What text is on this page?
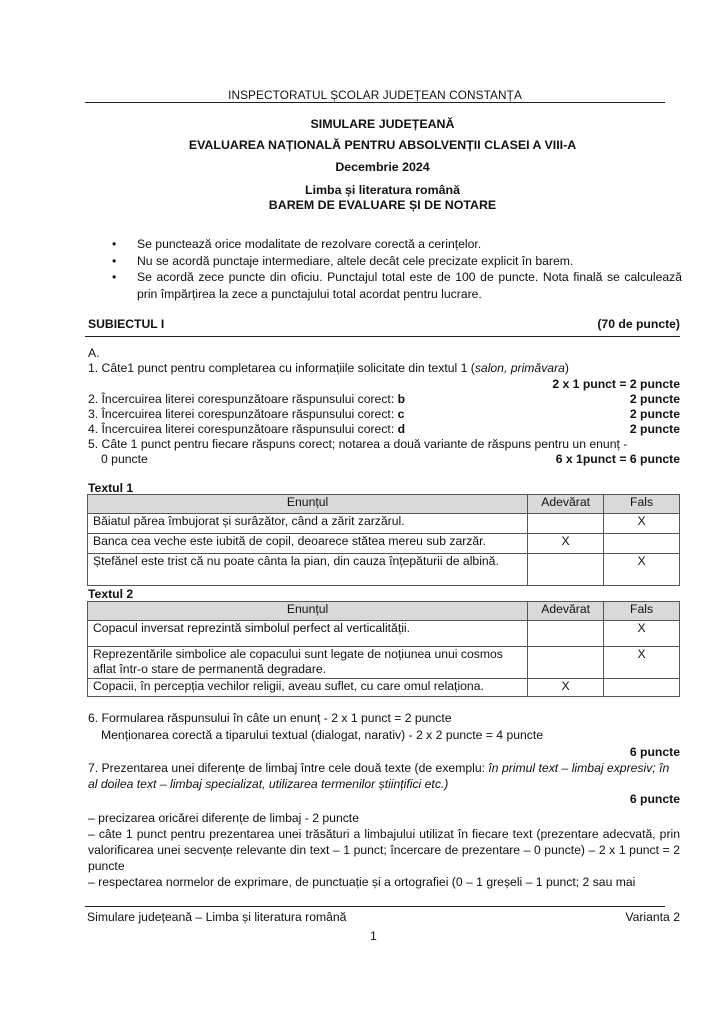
INSPECTORATUL ȘCOLAR JUDEȚEAN CONSTANȚA
SIMULARE JUDEȚEANĂ
EVALUAREA NAȚIONALĂ PENTRU ABSOLVENȚII CLASEI A VIII-A
Decembrie 2024
Limba și literatura română
BAREM DE EVALUARE ȘI DE NOTARE
• Se punctează orice modalitate de rezolvare corectă a cerințelor.
• Nu se acordă punctaje intermediare, altele decât cele precizate explicit în barem.
• Se acordă zece puncte din oficiu. Punctajul total este de 100 de puncte. Nota finală se calculează prin împărțirea la zece a punctajului total acordat pentru lucrare.
SUBIECTUL I	(70 de puncte)
A.
1. Câte1 punct pentru completarea cu informațiile solicitate din textul 1 (salon, primăvara)
2 x 1 punct = 2 puncte
2. Încercuirea literei corespunzătoare răspunsului corect: b	2 puncte
3. Încercuirea literei corespunzătoare răspunsului corect: c	2 puncte
4. Încercuirea literei corespunzătoare răspunsului corect: d	2 puncte
5. Câte 1 punct pentru fiecare răspuns corect; notarea a două variante de răspuns pentru un enunț -
0 puncte	6 x 1punct = 6 puncte
Textul 1
Enunțul	Adevărat	Fals
Băiatul părea îmbujorat și surâzător, când a zărit zarzărul.		X
Banca cea veche este iubită de copil, deoarece stătea mereu sub zarzăr.	X	
Ștefănel este trist că nu poate cânta la pian, din cauza înțepăturii de albină.		X
Textul 2
Enunțul	Adevărat	Fals
Copacul inversat reprezintă simbolul perfect al verticalității.		X
Reprezentările simbolice ale copacului sunt legate de noțiunea unui cosmos aflat într-o stare de permanentă degradare.		X
Copacii, în percepția vechilor religii, aveau suflet, cu care omul relaționa.	X	
6. Formularea răspunsului în câte un enunț - 2 x 1 punct = 2 puncte
Menționarea corectă a tiparului textual (dialogat, narativ) - 2 x 2 puncte = 4 puncte
6 puncte
7. Prezentarea unei diferențe de limbaj între cele două texte (de exemplu: în primul text – limbaj expresiv; în al doilea text – limbaj specializat, utilizarea termenilor științifici etc.)
6 puncte
– precizarea oricărei diferențe de limbaj - 2 puncte
– câte 1 punct pentru prezentarea unei trăsături a limbajului utilizat în fiecare text (prezentare adecvată, prin valorificarea unei secvențe relevante din text – 1 punct; încercare de prezentare – 0 puncte) – 2 x 1 punct = 2 puncte
– respectarea normelor de exprimare, de punctuație și a ortografiei (0 – 1 greșeli – 1 punct; 2 sau mai
Simulare județeană – Limba și literatura română	Varianta 2
1
